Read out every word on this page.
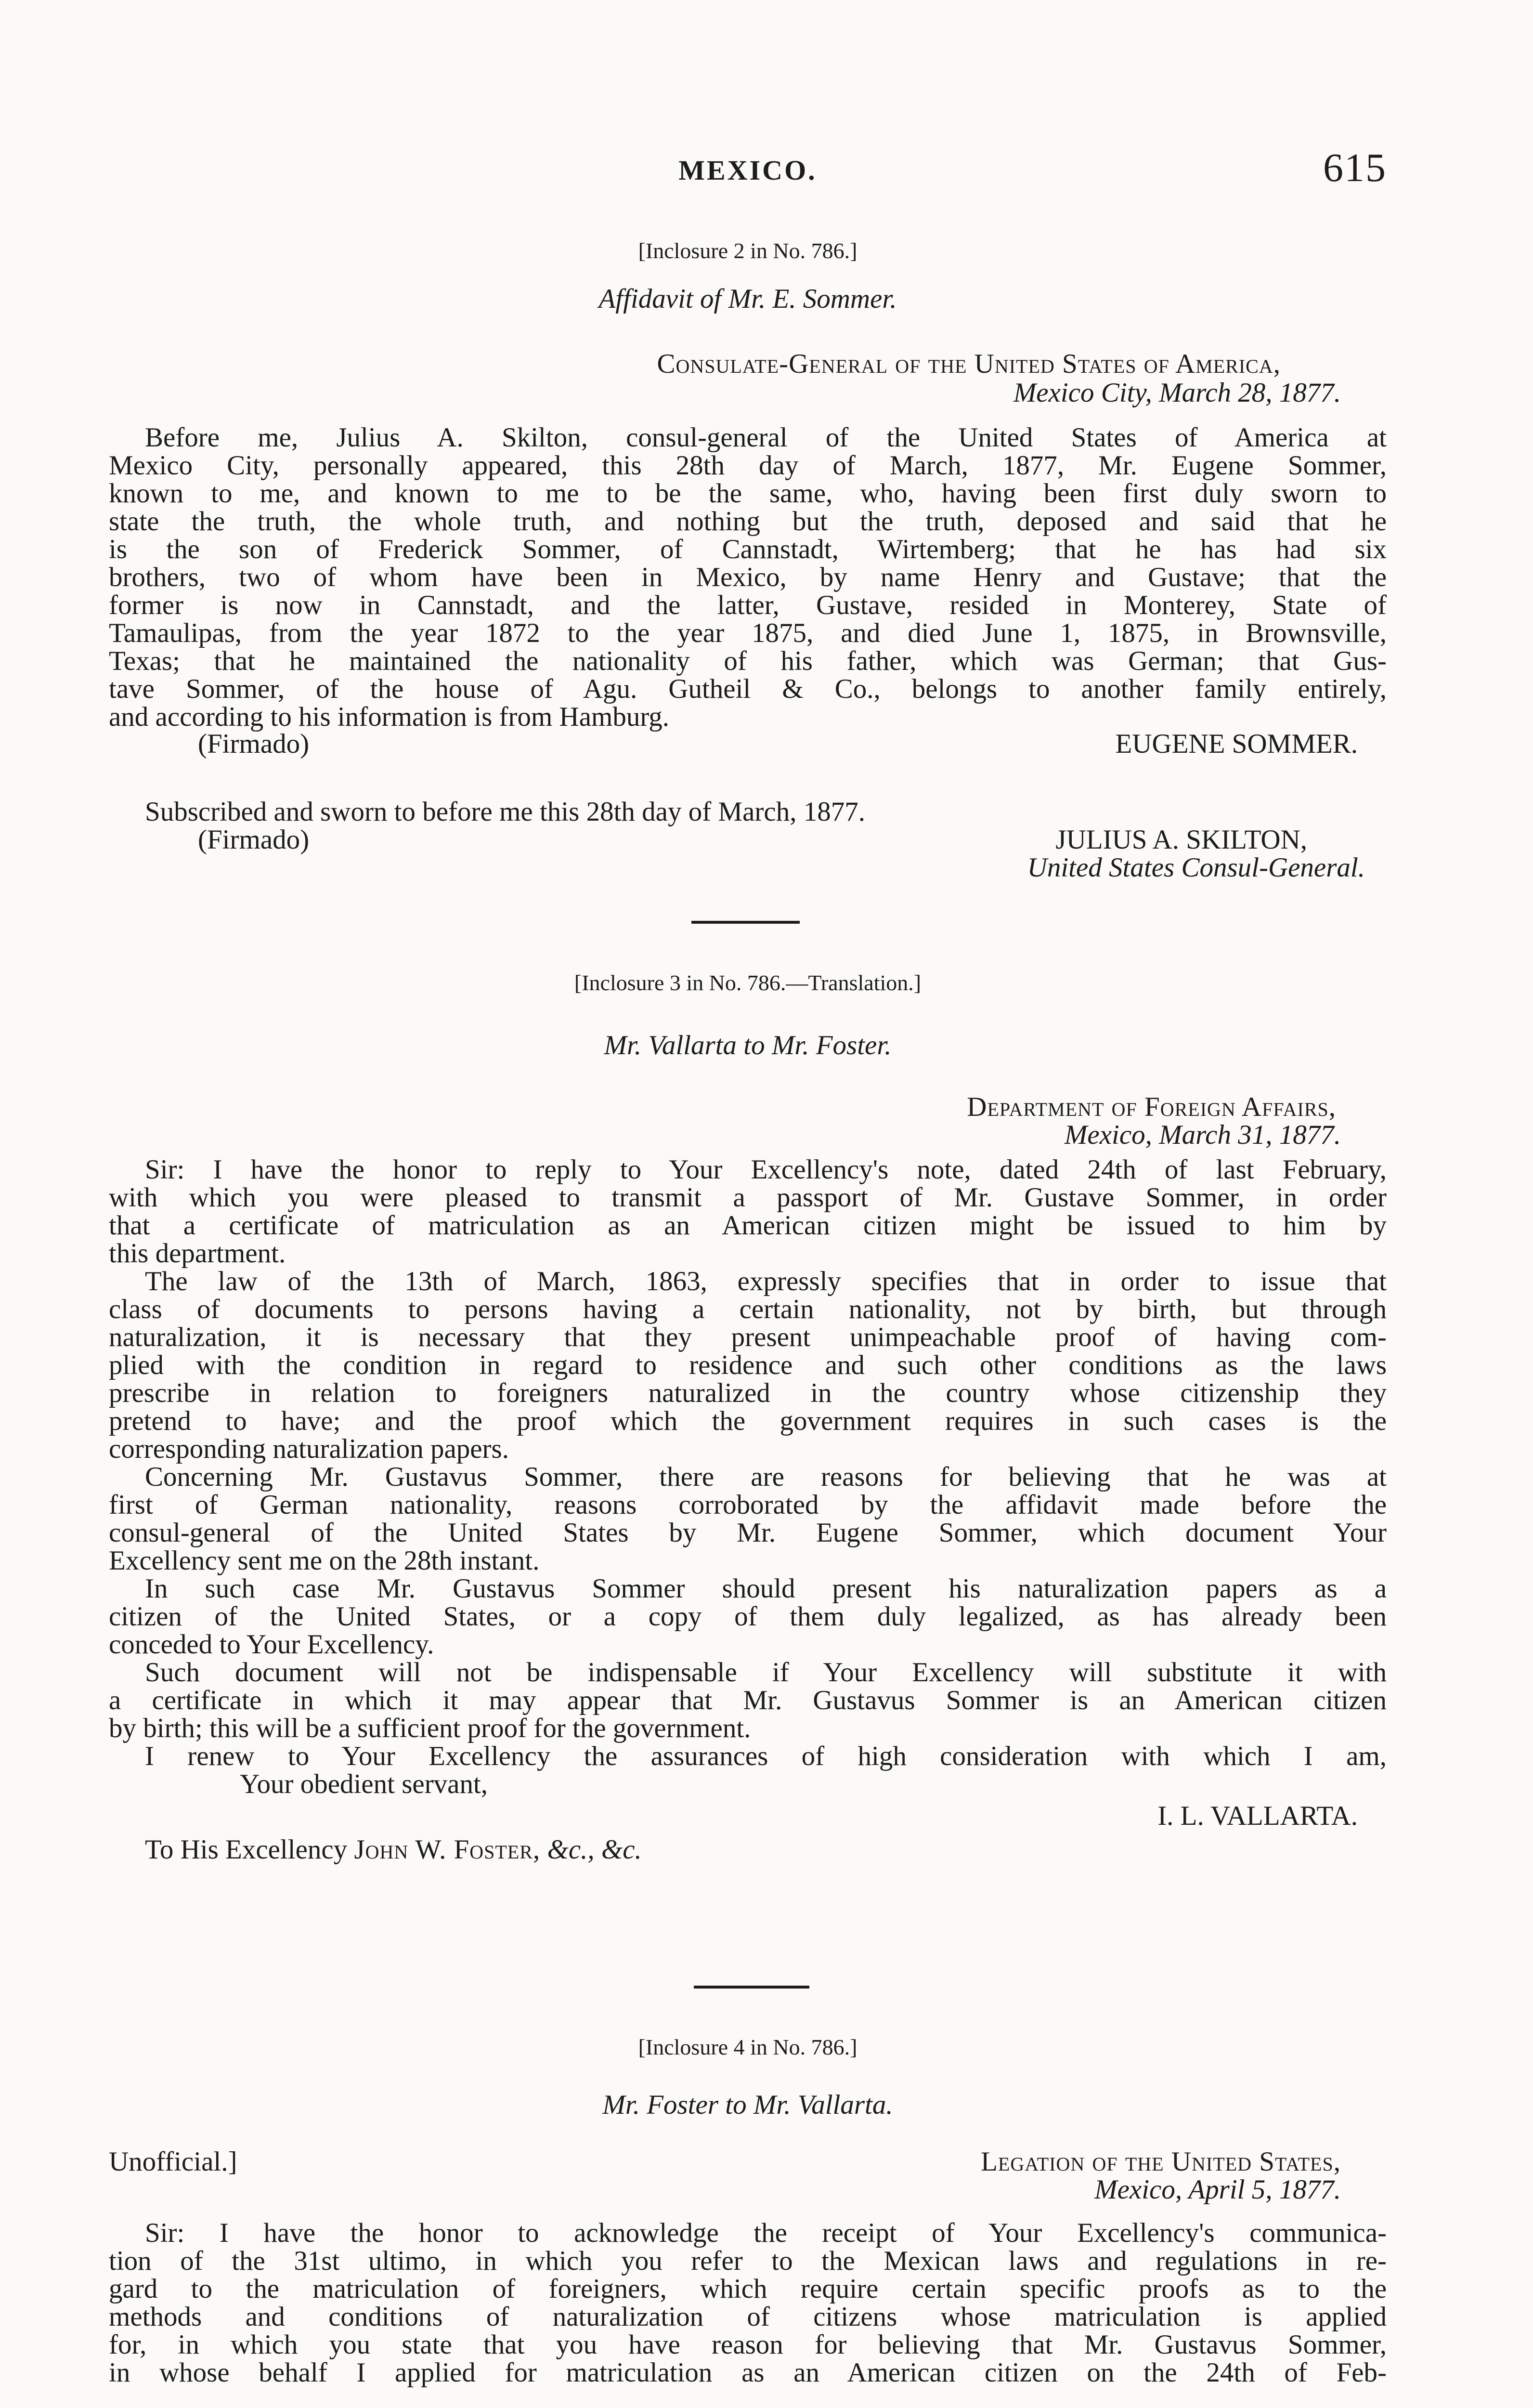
MEXICO.	615
[Inclosure 2 in No. 786.]
Affidavit of Mr. E. Sommer.
Consulate-General of the United States of America,
Mexico City, March 28, 1877.
Before me, Julius A. Skilton, consul-general of the United States of America at
Mexico City, personally appeared, this 28th day of March, 1877, Mr. Eugene Sommer,
known to me, and known to me to be the same, who, having been first duly sworn to
state the truth, the whole truth, and nothing but the truth, deposed and said that he
is the son of Frederick Sommer, of Cannstadt, Wirtemberg; that he has had six
brothers, two of whom have been in Mexico, by name Henry and Gustave; that the
former is now in Cannstadt, and the latter, Gustave, resided in Monterey, State of
Tamaulipas, from the year 1872 to the year 1875, and died June 1, 1875, in Brownsville,
Texas; that he maintained the nationality of his father, which was German; that Gus-
tave Sommer, of the house of Agu. Gutheil & Co., belongs to another family entirely,
and according to his information is from Hamburg.
(Firmado)	EUGENE SOMMER.
Subscribed and sworn to before me this 28th day of March, 1877.
(Firmado)	JULIUS A. SKILTON,
United States Consul-General.
[Inclosure 3 in No. 786.—Translation.]
Mr. Vallarta to Mr. Foster.
Department of Foreign Affairs,
Mexico, March 31, 1877.
Sir: I have the honor to reply to Your Excellency's note, dated 24th of last February,
with which you were pleased to transmit a passport of Mr. Gustave Sommer, in order
that a certificate of matriculation as an American citizen might be issued to him by
this department.
The law of the 13th of March, 1863, expressly specifies that in order to issue that
class of documents to persons having a certain nationality, not by birth, but through
naturalization, it is necessary that they present unimpeachable proof of having com-
plied with the condition in regard to residence and such other conditions as the laws
prescribe in relation to foreigners naturalized in the country whose citizenship they
pretend to have; and the proof which the government requires in such cases is the
corresponding naturalization papers.
Concerning Mr. Gustavus Sommer, there are reasons for believing that he was at
first of German nationality, reasons corroborated by the affidavit made before the
consul-general of the United States by Mr. Eugene Sommer, which document Your
Excellency sent me on the 28th instant.
In such case Mr. Gustavus Sommer should present his naturalization papers as a
citizen of the United States, or a copy of them duly legalized, as has already been
conceded to Your Excellency.
Such document will not be indispensable if Your Excellency will substitute it with
a certificate in which it may appear that Mr. Gustavus Sommer is an American citizen
by birth; this will be a sufficient proof for the government.
I renew to Your Excellency the assurances of high consideration with which I am,
Your obedient servant,
I. L. VALLARTA.
To His Excellency John W. Foster, &c., &c.
[Inclosure 4 in No. 786.]
Mr. Foster to Mr. Vallarta.
Unofficial.]	Legation of the United States,
Mexico, April 5, 1877.
Sir: I have the honor to acknowledge the receipt of Your Excellency's communica-
tion of the 31st ultimo, in which you refer to the Mexican laws and regulations in re-
gard to the matriculation of foreigners, which require certain specific proofs as to the
methods and conditions of naturalization of citizens whose matriculation is applied
for, in which you state that you have reason for believing that Mr. Gustavus Sommer,
in whose behalf I applied for matriculation as an American citizen on the 24th of Feb-
